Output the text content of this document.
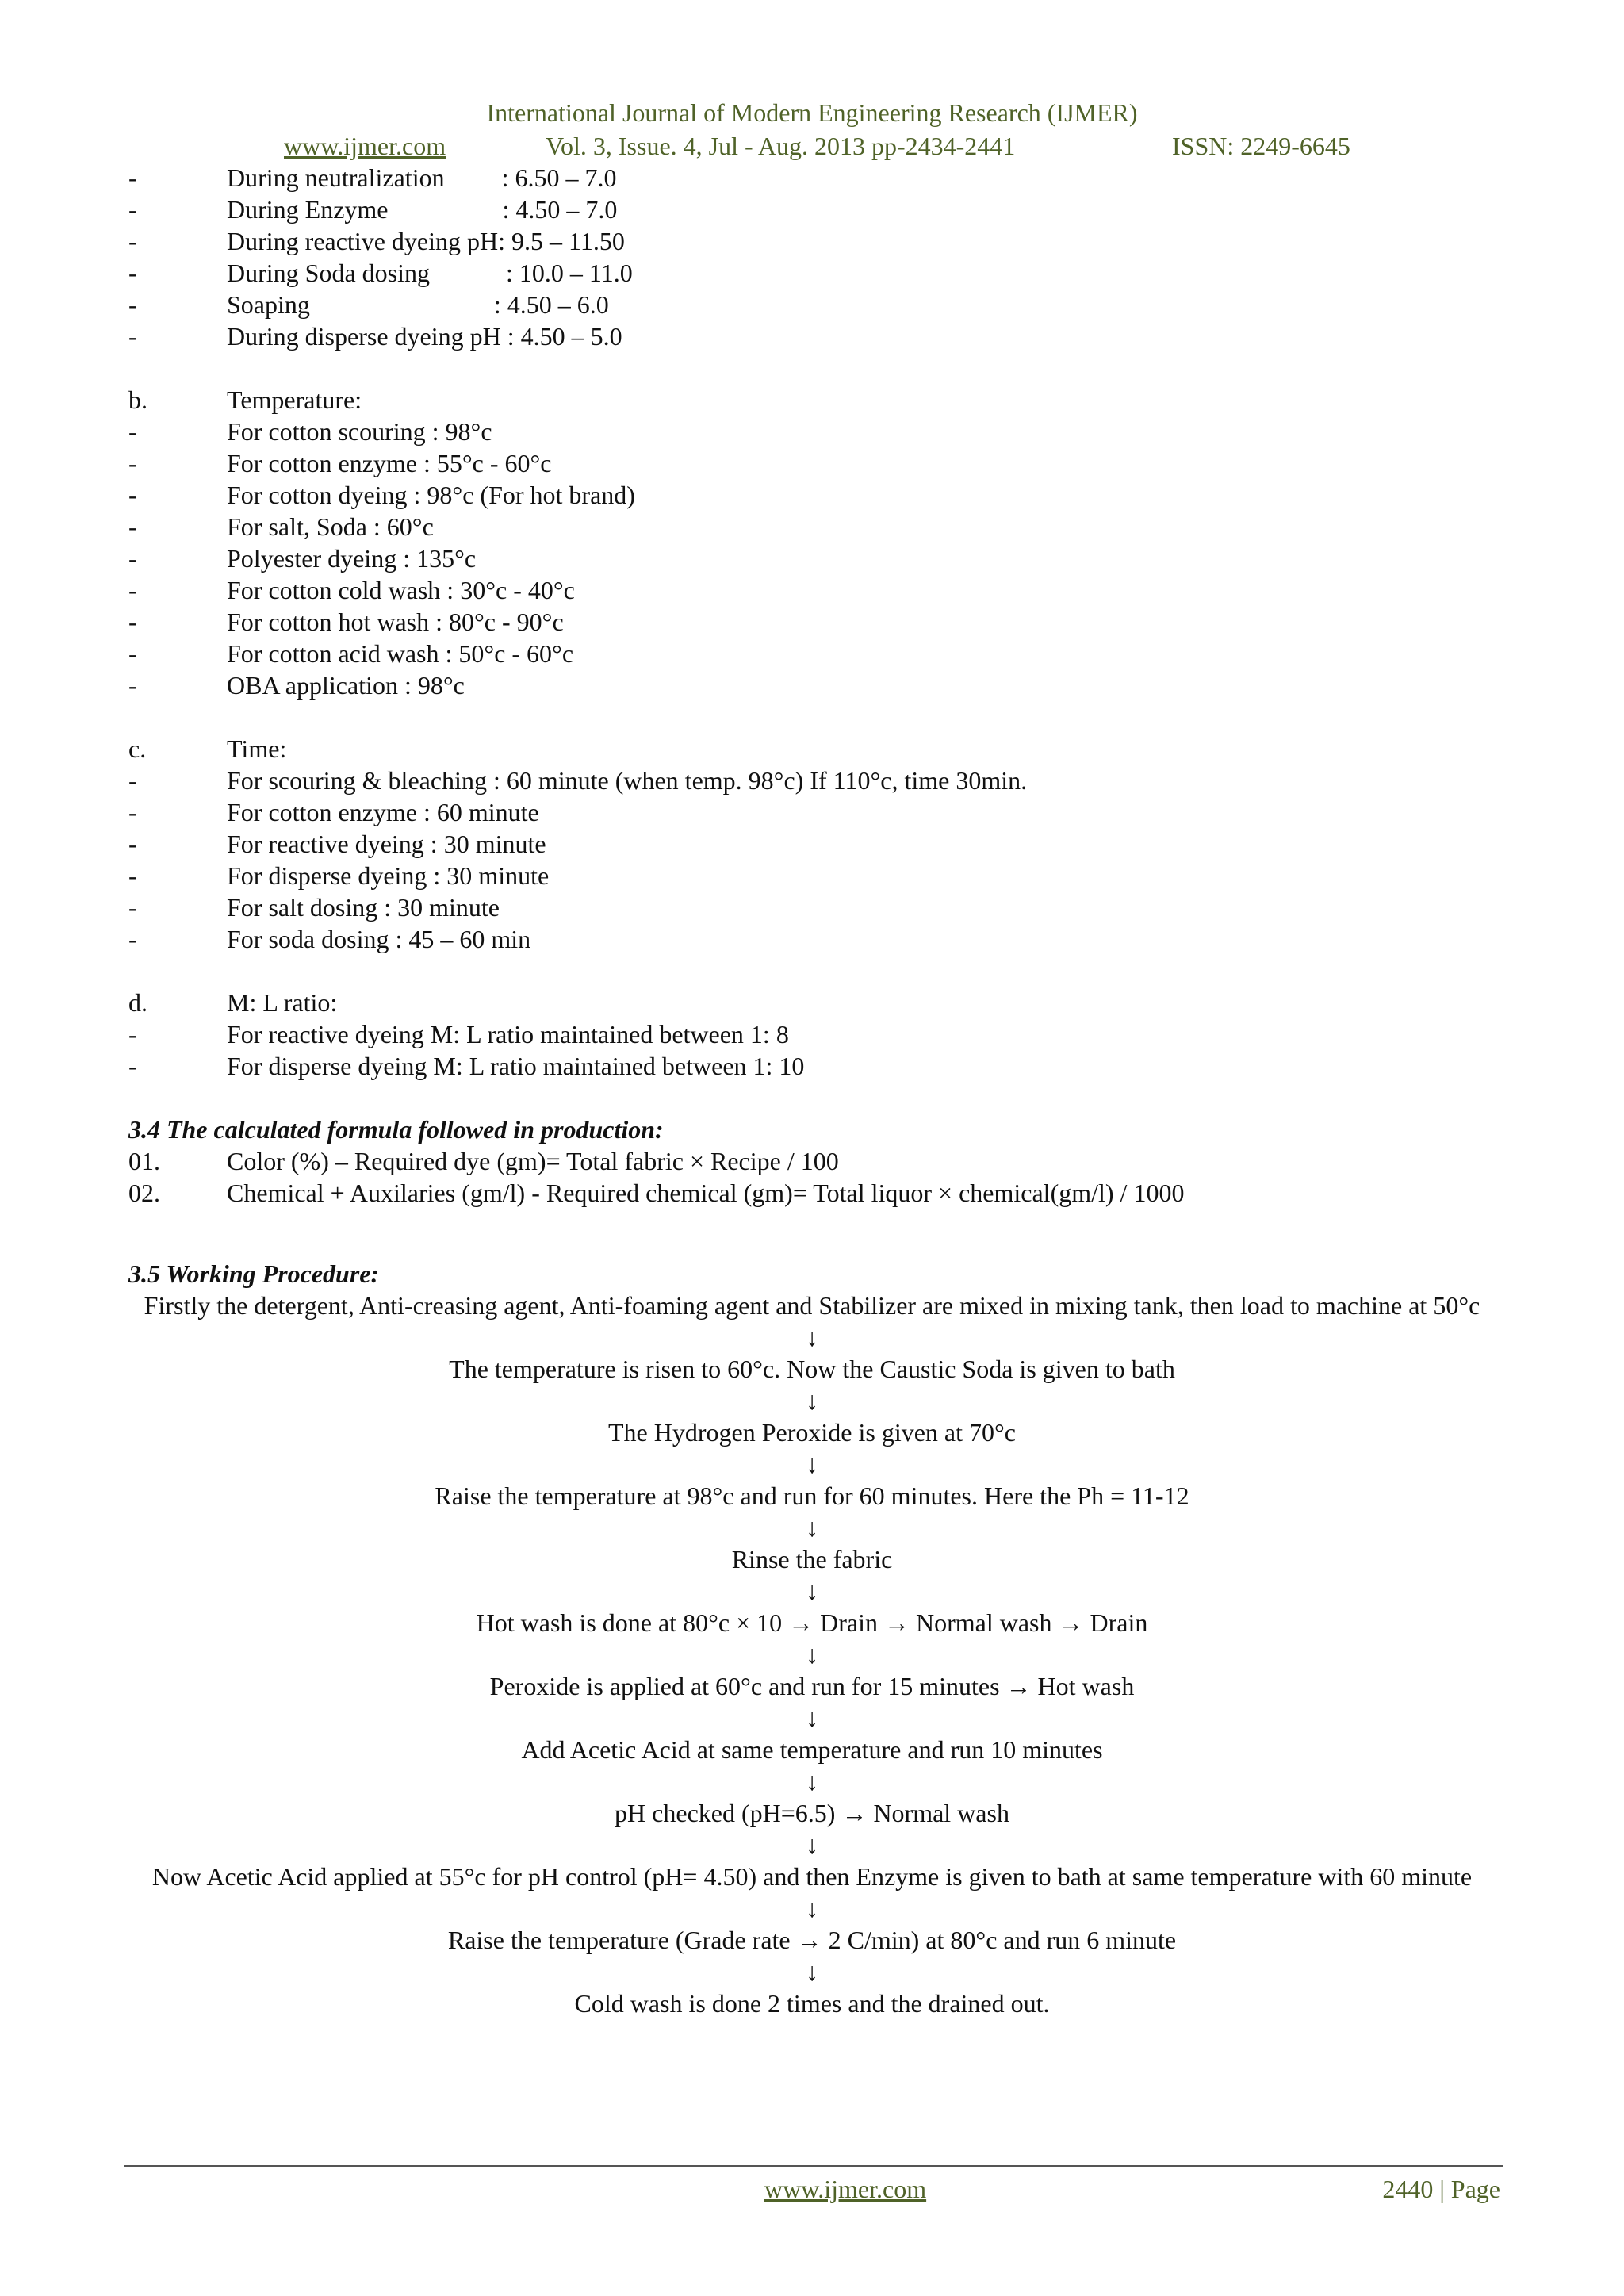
International Journal of Modern Engineering Research (IJMER)
www.ijmer.com	Vol. 3, Issue. 4, Jul - Aug. 2013 pp-2434-2441	ISSN: 2249-6645
-	During neutralization         : 6.50 – 7.0
-	During Enzyme                  : 4.50 – 7.0
-	During reactive dyeing pH: 9.5 – 11.50
-	During Soda dosing            : 10.0 – 11.0
-	Soaping                             : 4.50 – 6.0
-	During disperse dyeing pH : 4.50 – 5.0
b.	Temperature:
-	For cotton scouring : 98°c
-	For cotton enzyme : 55°c - 60°c
-	For cotton dyeing : 98°c (For hot brand)
-	For salt, Soda : 60°c
-	Polyester dyeing : 135°c
-	For cotton cold wash : 30°c - 40°c
-	For cotton hot wash : 80°c - 90°c
-	For cotton acid wash : 50°c - 60°c
-	OBA application : 98°c
c.	Time:
-	For scouring & bleaching : 60 minute (when temp. 98°c) If 110°c, time 30min.
-	For cotton enzyme : 60 minute
-	For reactive dyeing : 30 minute
-	For disperse dyeing : 30 minute
-	For salt dosing : 30 minute
-	For soda dosing : 45 – 60 min
d.	M: L ratio:
-	For reactive dyeing M: L ratio maintained between 1: 8
-	For disperse dyeing M: L ratio maintained between 1: 10
3.4 The calculated formula followed in production:
01.	Color (%) – Required dye (gm)= Total fabric × Recipe / 100
02.	Chemical + Auxilaries (gm/l) - Required chemical (gm)= Total liquor × chemical(gm/l) / 1000
3.5 Working Procedure:

Firstly the detergent, Anti-creasing agent, Anti-foaming agent and Stabilizer are mixed in mixing tank, then load to machine at 50°c

↓

The temperature is risen to 60°c. Now the Caustic Soda is given to bath

↓

The Hydrogen Peroxide is given at 70°c

↓

Raise the temperature at 98°c and run for 60 minutes. Here the Ph = 11-12

↓

Rinse the fabric

↓

Hot wash is done at 80°c × 10 → Drain → Normal wash → Drain

↓

Peroxide is applied at 60°c and run for 15 minutes → Hot wash

↓

Add Acetic Acid at same temperature and run 10 minutes

↓

pH checked (pH=6.5) → Normal wash

↓

Now Acetic Acid applied at 55°c for pH control (pH= 4.50) and then Enzyme is given to bath at same temperature with 60 minute

↓

Raise the temperature (Grade rate → 2 C/min) at 80°c and run 6 minute

↓

Cold wash is done 2 times and the drained out.

www.ijmer.com	2440 | Page
